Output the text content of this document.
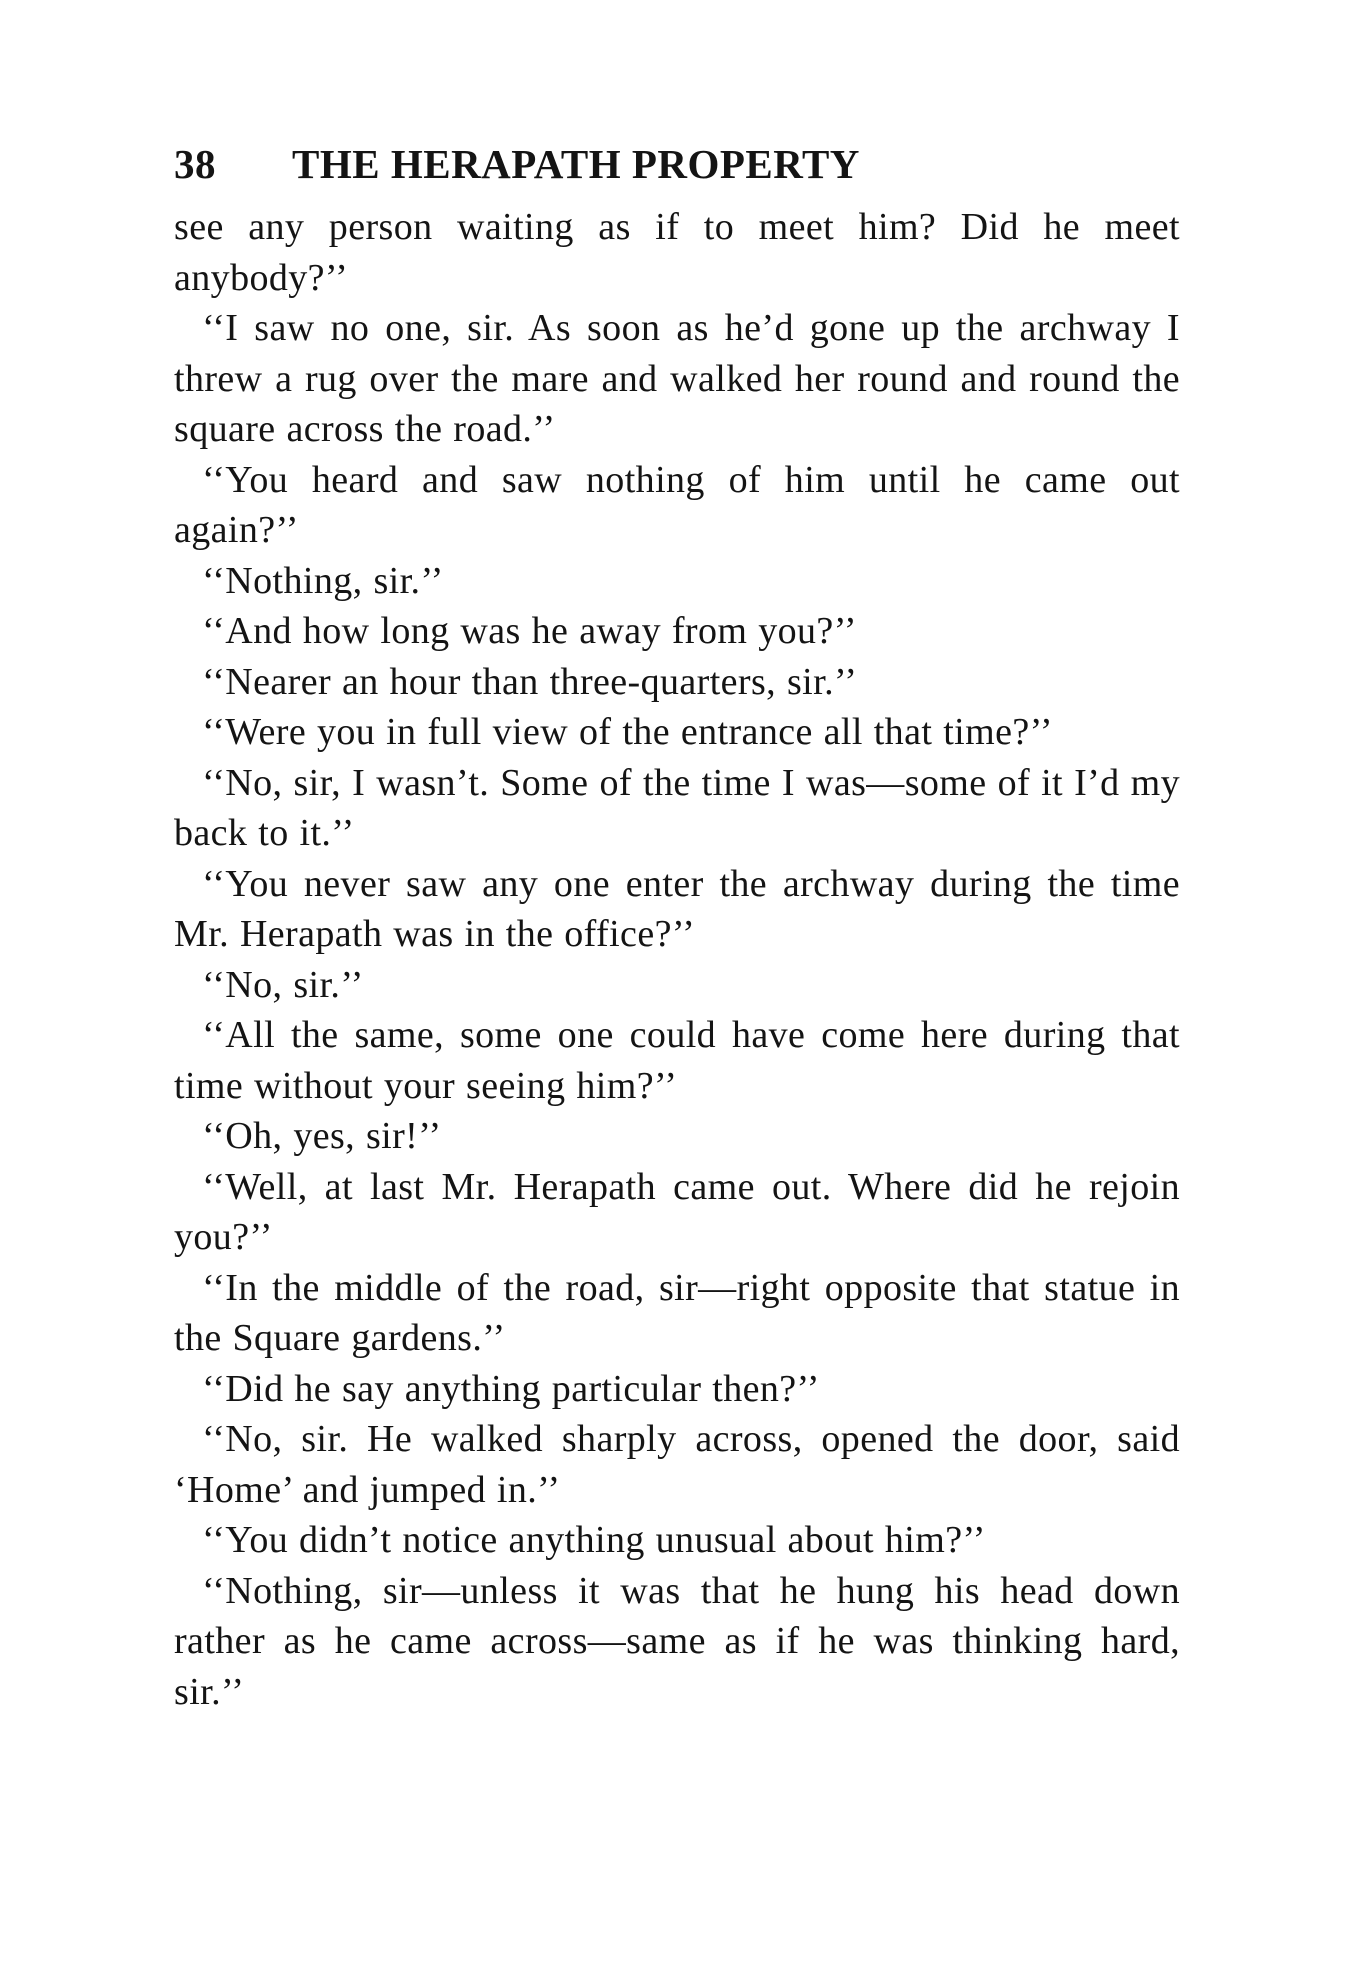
38	THE HERAPATH PROPERTY

see any person waiting as if to meet him? Did he meet anybody?’’

‘‘I saw no one, sir. As soon as he’d gone up the archway I threw a rug over the mare and walked her round and round the square across the road.’’

‘‘You heard and saw nothing of him until he came out again?’’

‘‘Nothing, sir.’’

‘‘And how long was he away from you?’’

‘‘Nearer an hour than three-quarters, sir.’’

‘‘Were you in full view of the entrance all that time?’’

‘‘No, sir, I wasn’t. Some of the time I was—some of it I’d my back to it.’’

‘‘You never saw any one enter the archway during the time Mr. Herapath was in the office?’’

‘‘No, sir.’’

‘‘All the same, some one could have come here during that time without your seeing him?’’

‘‘Oh, yes, sir!’’

‘‘Well, at last Mr. Herapath came out. Where did he rejoin you?’’

‘‘In the middle of the road, sir—right opposite that statue in the Square gardens.’’

‘‘Did he say anything particular then?’’

‘‘No, sir. He walked sharply across, opened the door, said ‘Home’ and jumped in.’’

‘‘You didn’t notice anything unusual about him?’’

‘‘Nothing, sir—unless it was that he hung his head down rather as he came across—same as if he was thinking hard, sir.’’
